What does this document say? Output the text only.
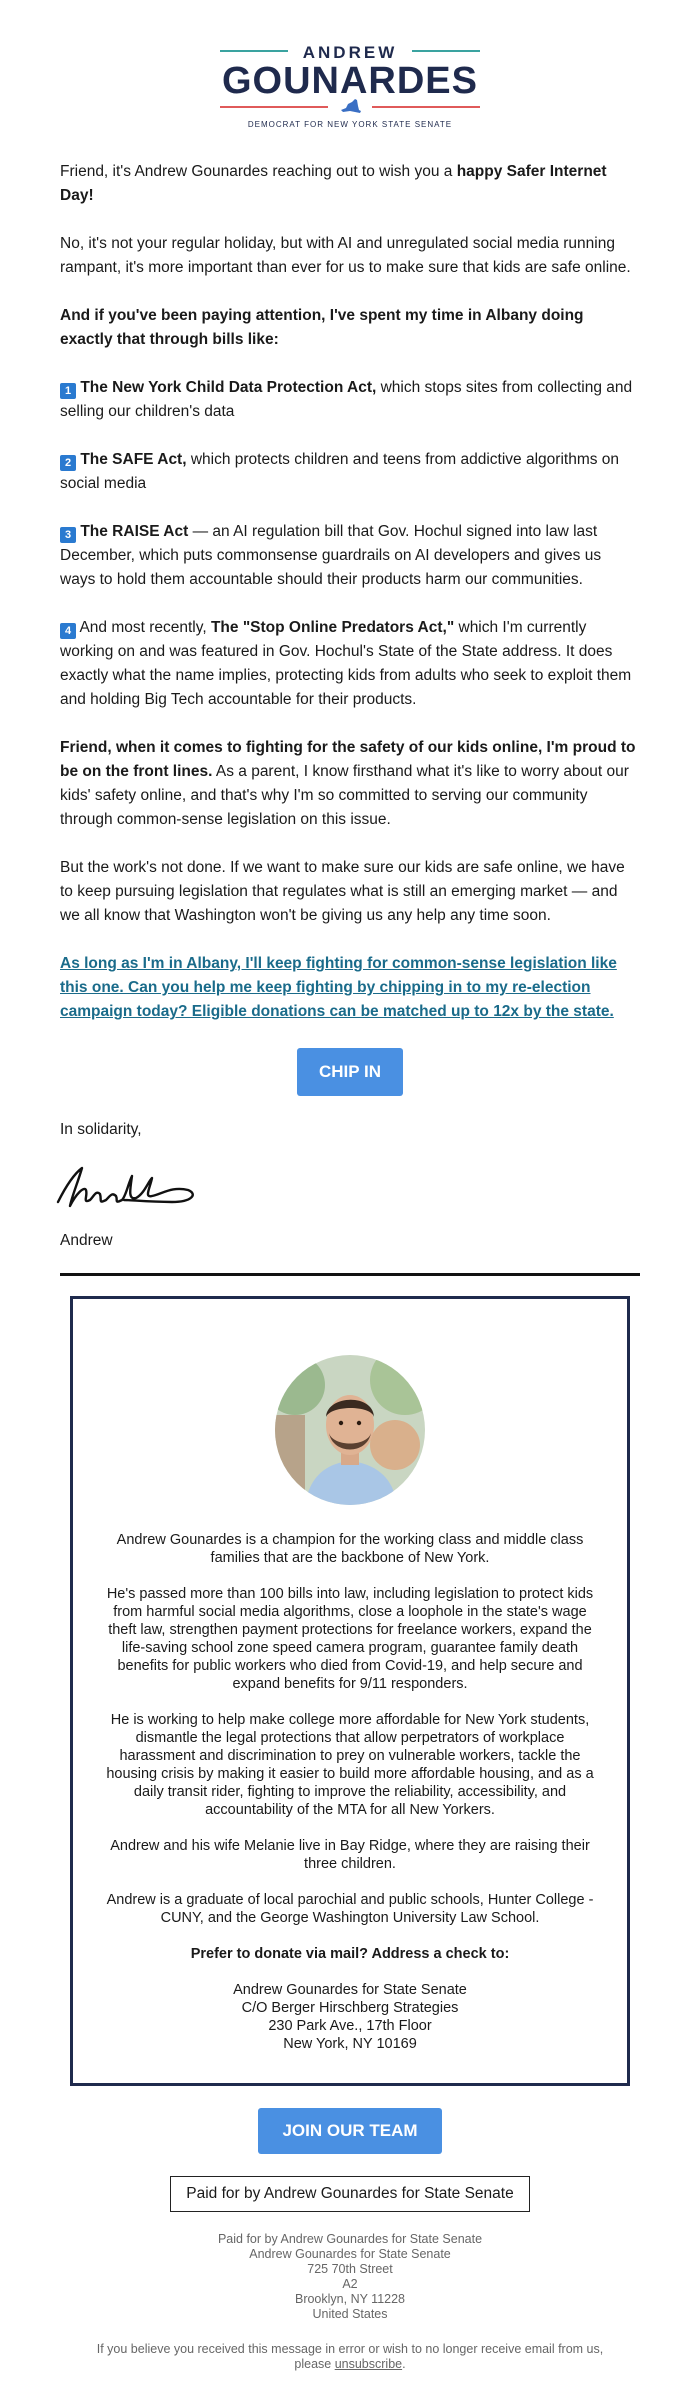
ANDREW
GOUNARDES
DEMOCRAT FOR NEW YORK STATE SENATE

Friend, it's Andrew Gounardes reaching out to wish you a happy Safer Internet Day!

No, it's not your regular holiday, but with AI and unregulated social media running rampant, it's more important than ever for us to make sure that kids are safe online.

And if you've been paying attention, I've spent my time in Albany doing exactly that through bills like:

1 The New York Child Data Protection Act, which stops sites from collecting and selling our children's data

2 The SAFE Act, which protects children and teens from addictive algorithms on social media

3 The RAISE Act — an AI regulation bill that Gov. Hochul signed into law last December, which puts commonsense guardrails on AI developers and gives us ways to hold them accountable should their products harm our communities.

4 And most recently, The "Stop Online Predators Act," which I'm currently working on and was featured in Gov. Hochul's State of the State address. It does exactly what the name implies, protecting kids from adults who seek to exploit them and holding Big Tech accountable for their products.

Friend, when it comes to fighting for the safety of our kids online, I'm proud to be on the front lines. As a parent, I know firsthand what it's like to worry about our kids' safety online, and that's why I'm so committed to serving our community through common-sense legislation on this issue.

But the work's not done. If we want to make sure our kids are safe online, we have to keep pursuing legislation that regulates what is still an emerging market — and we all know that Washington won't be giving us any help any time soon.

As long as I'm in Albany, I'll keep fighting for common-sense legislation like this one. Can you help me keep fighting by chipping in to my re-election campaign today? Eligible donations can be matched up to 12x by the state.
CHIP IN

In solidarity,

Andrew

Andrew Gounardes is a champion for the working class and middle class families that are the backbone of New York.

He's passed more than 100 bills into law, including legislation to protect kids from harmful social media algorithms, close a loophole in the state's wage theft law, strengthen payment protections for freelance workers, expand the life-saving school zone speed camera program, guarantee family death benefits for public workers who died from Covid-19, and help secure and expand benefits for 9/11 responders.

He is working to help make college more affordable for New York students, dismantle the legal protections that allow perpetrators of workplace harassment and discrimination to prey on vulnerable workers, tackle the housing crisis by making it easier to build more affordable housing, and as a daily transit rider, fighting to improve the reliability, accessibility, and accountability of the MTA for all New Yorkers.

Andrew and his wife Melanie live in Bay Ridge, where they are raising their three children.

Andrew is a graduate of local parochial and public schools, Hunter College - CUNY, and the George Washington University Law School.

Prefer to donate via mail? Address a check to:

Andrew Gounardes for State Senate

C/O Berger Hirschberg Strategies

230 Park Ave., 17th Floor

New York, NY 10169

JOIN OUR TEAM
Paid for by Andrew Gounardes for State Senate
Paid for by Andrew Gounardes for State Senate
Andrew Gounardes for State Senate
725 70th Street
A2
Brooklyn, NY 11228
United States
If you believe you received this message in error or wish to no longer receive email from us, please unsubscribe.
